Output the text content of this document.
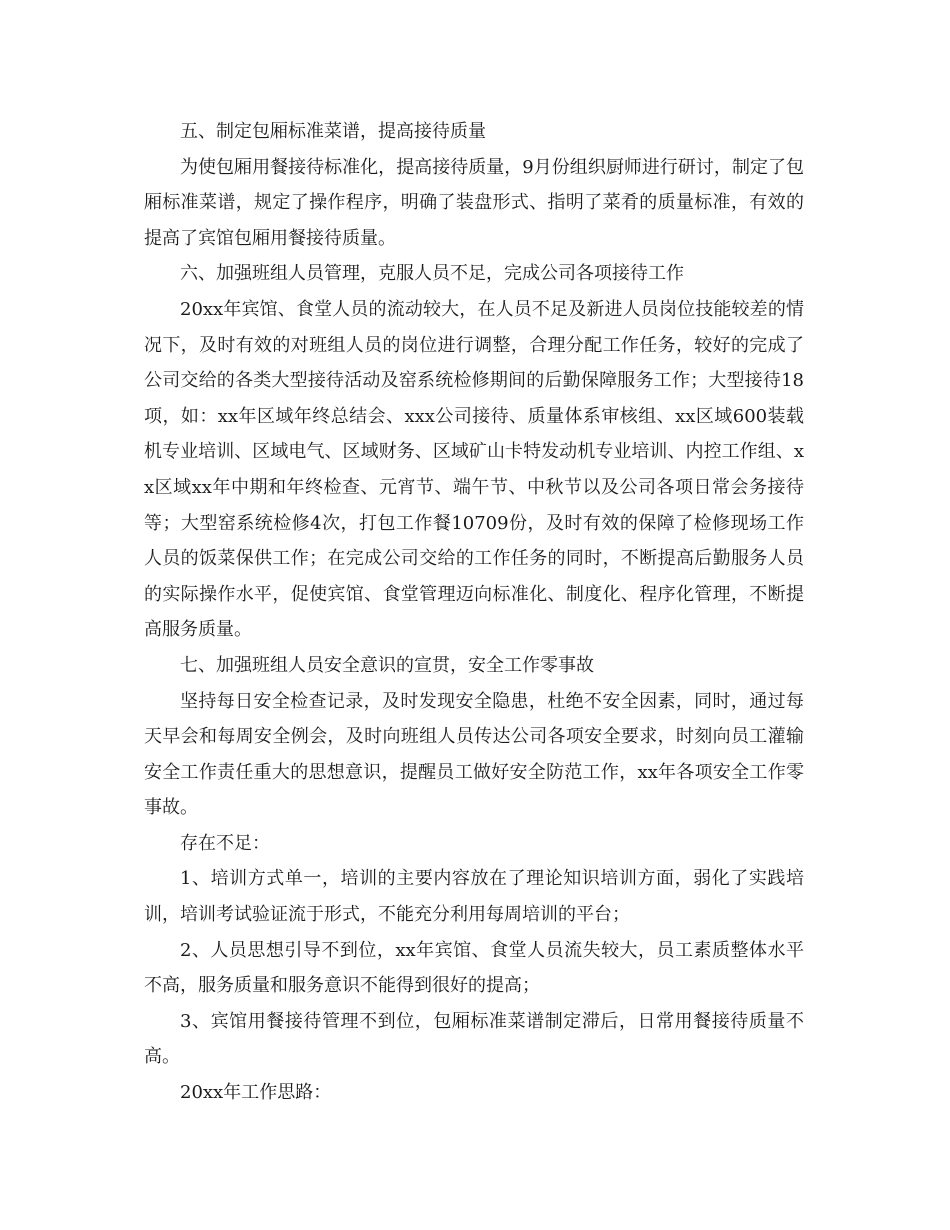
五、制定包厢标准菜谱，提高接待质量

为使包厢用餐接待标准化，提高接待质量，9月份组织厨师进行研讨，制定了包厢标准菜谱，规定了操作程序，明确了装盘形式、指明了菜肴的质量标准，有效的提高了宾馆包厢用餐接待质量。

六、加强班组人员管理，克服人员不足，完成公司各项接待工作

20xx年宾馆、食堂人员的流动较大，在人员不足及新进人员岗位技能较差的情况下，及时有效的对班组人员的岗位进行调整，合理分配工作任务，较好的完成了公司交给的各类大型接待活动及窑系统检修期间的后勤保障服务工作；大型接待18项，如：xx年区域年终总结会、xxx公司接待、质量体系审核组、xx区域600装载机专业培训、区域电气、区域财务、区域矿山卡特发动机专业培训、内控工作组、xx区域xx年中期和年终检查、元宵节、端午节、中秋节以及公司各项日常会务接待等；大型窑系统检修4次，打包工作餐10709份，及时有效的保障了检修现场工作人员的饭菜保供工作；在完成公司交给的工作任务的同时，不断提高后勤服务人员的实际操作水平，促使宾馆、食堂管理迈向标准化、制度化、程序化管理，不断提高服务质量。

七、加强班组人员安全意识的宣贯，安全工作零事故

坚持每日安全检查记录，及时发现安全隐患，杜绝不安全因素，同时，通过每天早会和每周安全例会，及时向班组人员传达公司各项安全要求，时刻向员工灌输安全工作责任重大的思想意识，提醒员工做好安全防范工作，xx年各项安全工作零事故。

存在不足：

1、培训方式单一，培训的主要内容放在了理论知识培训方面，弱化了实践培训，培训考试验证流于形式，不能充分利用每周培训的平台；

2、人员思想引导不到位，xx年宾馆、食堂人员流失较大，员工素质整体水平不高，服务质量和服务意识不能得到很好的提高；

3、宾馆用餐接待管理不到位，包厢标准菜谱制定滞后，日常用餐接待质量不高。

20xx年工作思路：
